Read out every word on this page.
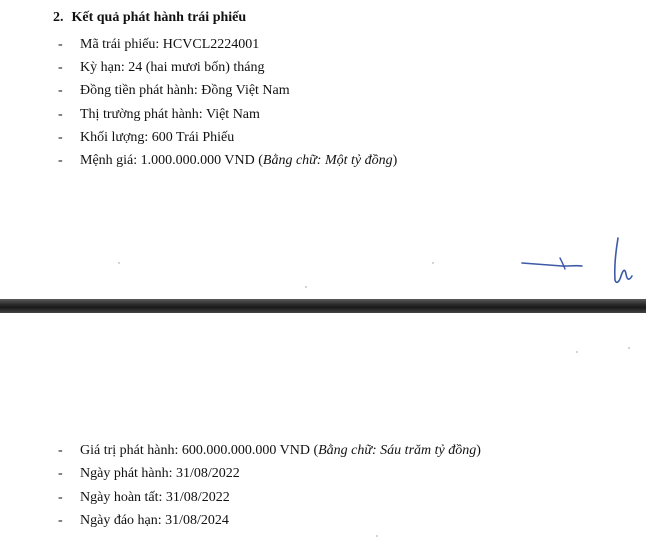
2. Kết quả phát hành trái phiếu
- Mã trái phiếu: HCVCL2224001
- Kỳ hạn: 24 (hai mươi bốn) tháng
- Đồng tiền phát hành: Đồng Việt Nam
- Thị trường phát hành: Việt Nam
- Khối lượng: 600 Trái Phiếu
- Mệnh giá: 1.000.000.000 VND (Bằng chữ: Một tỷ đồng)
- Giá trị phát hành: 600.000.000.000 VND (Bằng chữ: Sáu trăm tỷ đồng)
- Ngày phát hành: 31/08/2022
- Ngày hoàn tất: 31/08/2022
- Ngày đáo hạn: 31/08/2024
